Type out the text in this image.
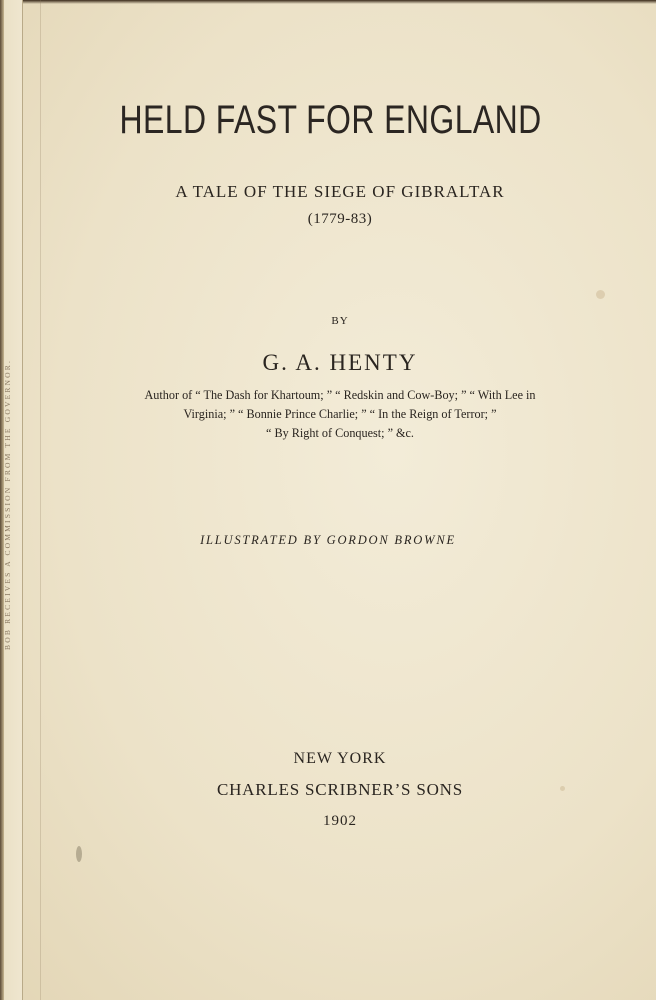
BOB RECEIVES A COMMISSION FROM THE GOVERNOR.
HELD FAST FOR ENGLAND
A TALE OF THE SIEGE OF GIBRALTAR
(1779-83)
BY
G. A. HENTY
Author of “ The Dash for Khartoum; ” “ Redskin and Cow-Boy; ” “ With Lee in
Virginia; ” “ Bonnie Prince Charlie; ” “ In the Reign of Terror; ”
“ By Right of Conquest; ” &c.
ILLUSTRATED BY GORDON BROWNE
NEW YORK
CHARLES SCRIBNER’S SONS
1902
